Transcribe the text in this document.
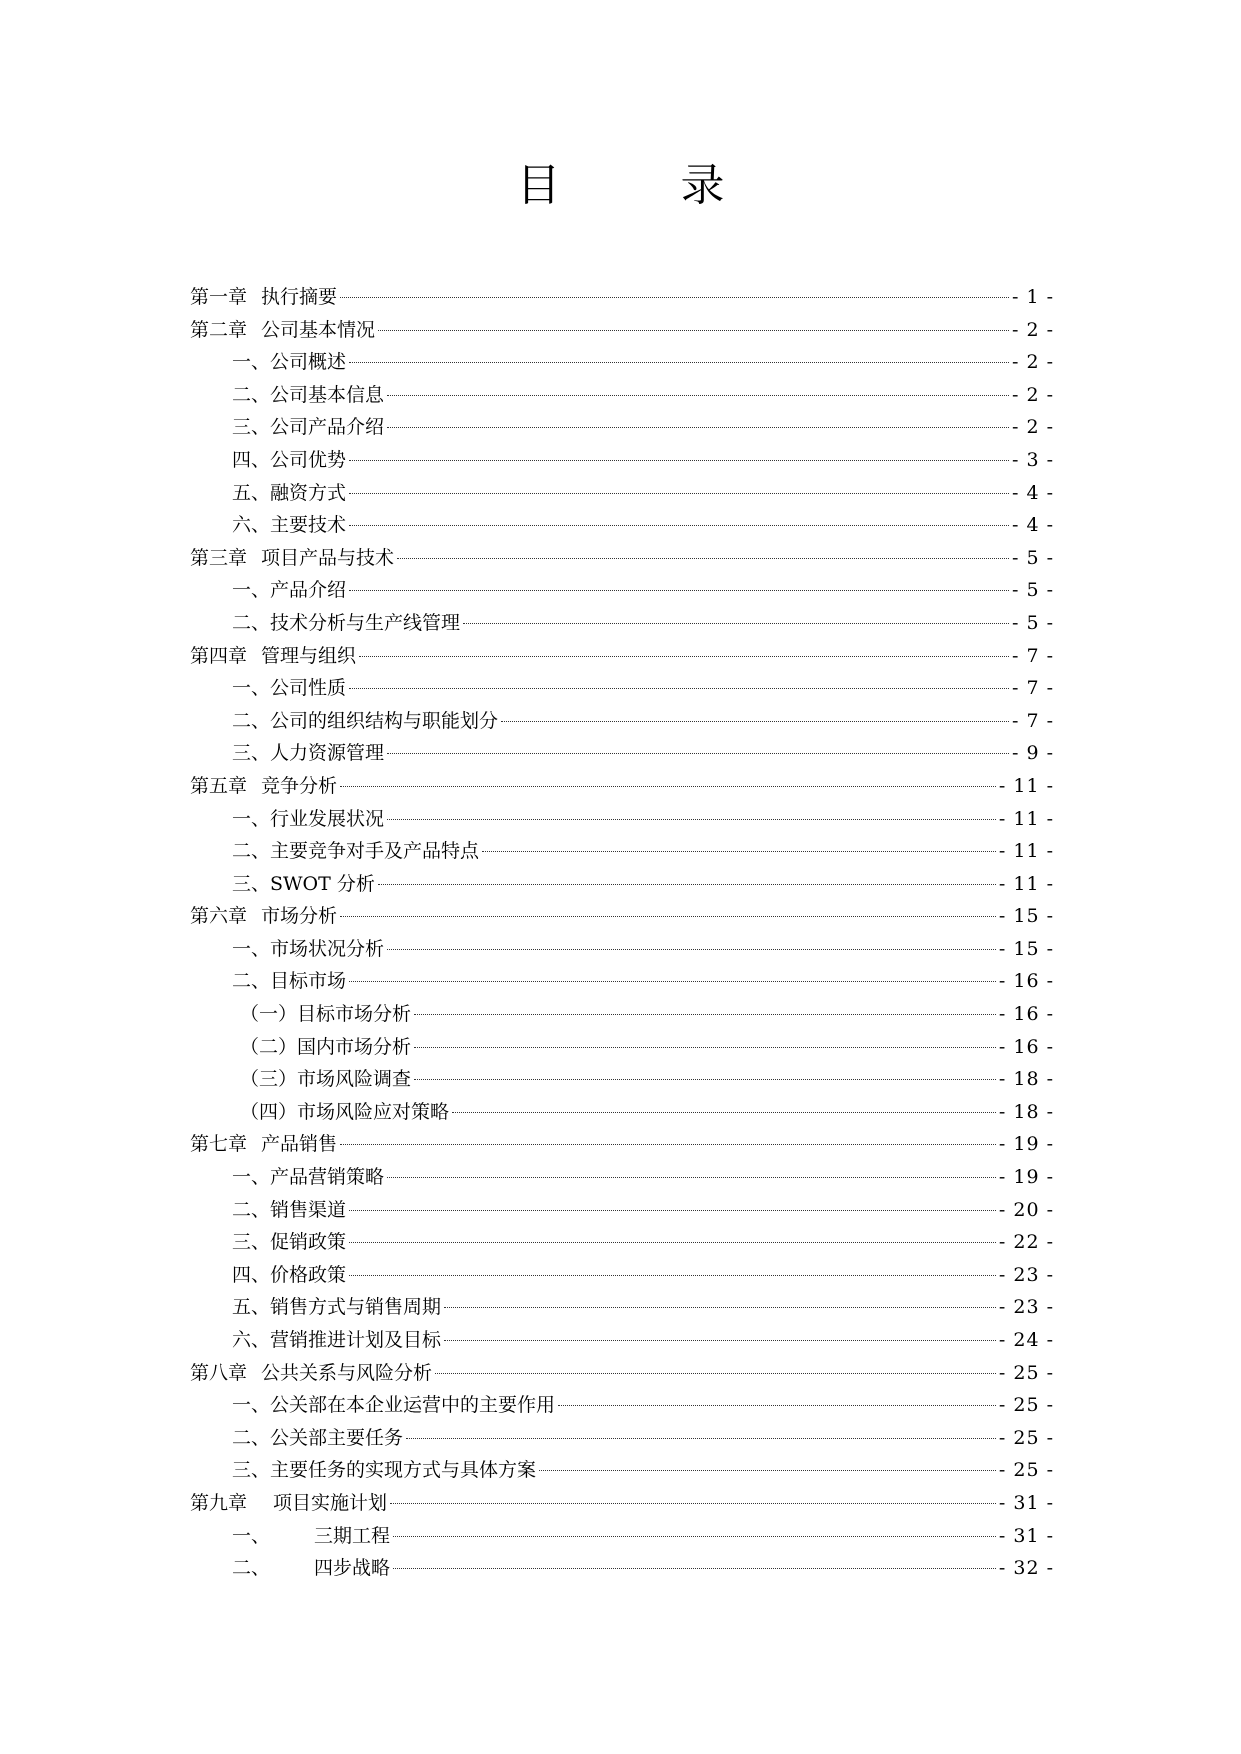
目　录
第一章 执行摘要	- 1 -
第二章 公司基本情况	- 2 -
一、公司概述	- 2 -
二、公司基本信息	- 2 -
三、公司产品介绍	- 2 -
四、公司优势	- 3 -
五、融资方式	- 4 -
六、主要技术	- 4 -
第三章 项目产品与技术	- 5 -
一、产品介绍	- 5 -
二、技术分析与生产线管理	- 5 -
第四章 管理与组织	- 7 -
一、公司性质	- 7 -
二、公司的组织结构与职能划分	- 7 -
三、人力资源管理	- 9 -
第五章 竞争分析	- 11 -
一、行业发展状况	- 11 -
二、主要竞争对手及产品特点	- 11 -
三、SWOT 分析	- 11 -
第六章 市场分析	- 15 -
一、市场状况分析	- 15 -
二、目标市场	- 16 -
（一）目标市场分析	- 16 -
（二）国内市场分析	- 16 -
（三）市场风险调查	- 18 -
（四）市场风险应对策略	- 18 -
第七章 产品销售	- 19 -
一、产品营销策略	- 19 -
二、销售渠道	- 20 -
三、促销政策	- 22 -
四、价格政策	- 23 -
五、销售方式与销售周期	- 23 -
六、营销推进计划及目标	- 24 -
第八章 公共关系与风险分析	- 25 -
一、公关部在本企业运营中的主要作用	- 25 -
二、公关部主要任务	- 25 -
三、主要任务的实现方式与具体方案	- 25 -
第九章 项目实施计划	- 31 -
一、 三期工程	- 31 -
二、 四步战略	- 32 -
